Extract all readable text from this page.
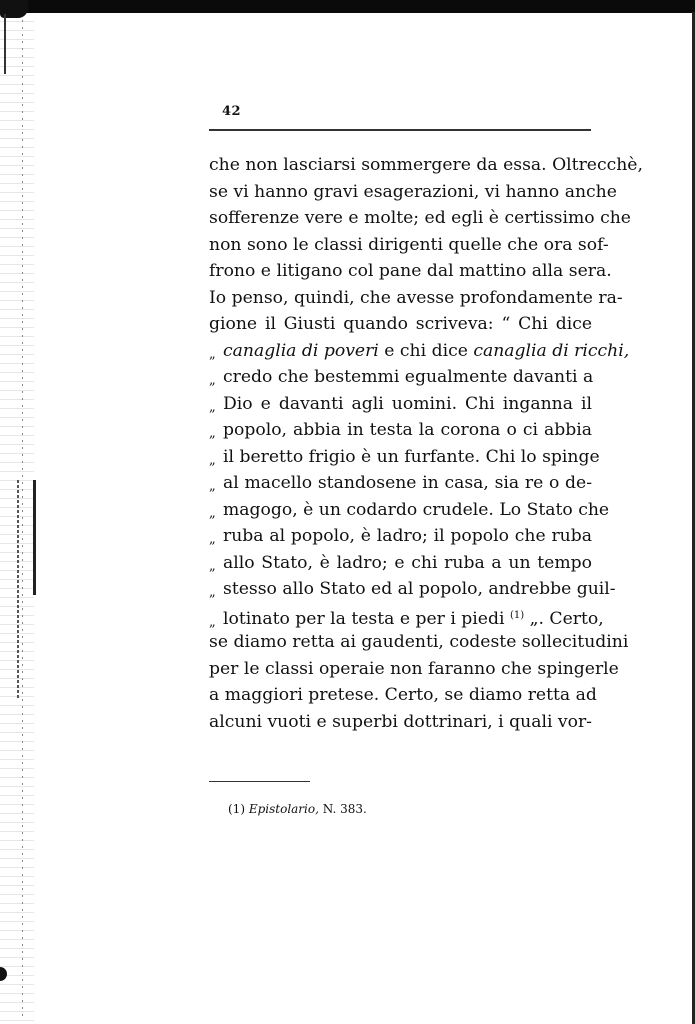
42
che non lasciarsi sommergere da essa. Oltrecchè,
se vi hanno gravi esagerazioni, vi hanno anche
sofferenze vere e molte; ed egli è certissimo che
non sono le classi dirigenti quelle che ora sof-
frono e litigano col pane dal mattino alla sera.
Io penso, quindi, che avesse profondamente ra-
gione il Giusti quando scriveva: “ Chi dice
„ canaglia di poveri e chi dice canaglia di ricchi,
„ credo che bestemmi egualmente davanti a
„ Dio e davanti agli uomini. Chi inganna il
„ popolo, abbia in testa la corona o ci abbia
„ il beretto frigio è un furfante. Chi lo spinge
„ al macello standosene in casa, sia re o de-
„ magogo, è un codardo crudele. Lo Stato che
„ ruba al popolo, è ladro; il popolo che ruba
„ allo Stato, è ladro; e chi ruba a un tempo
„ stesso allo Stato ed al popolo, andrebbe guil-
„ lotinato per la testa e per i piedi $^{(1)}$ „. Certo,
se diamo retta ai gaudenti, codeste sollecitudini
per le classi operaie non faranno che spingerle
a maggiori pretese. Certo, se diamo retta ad
alcuni vuoti e superbi dottrinari, i quali vor-
(1) Epistolario, N. 383.
